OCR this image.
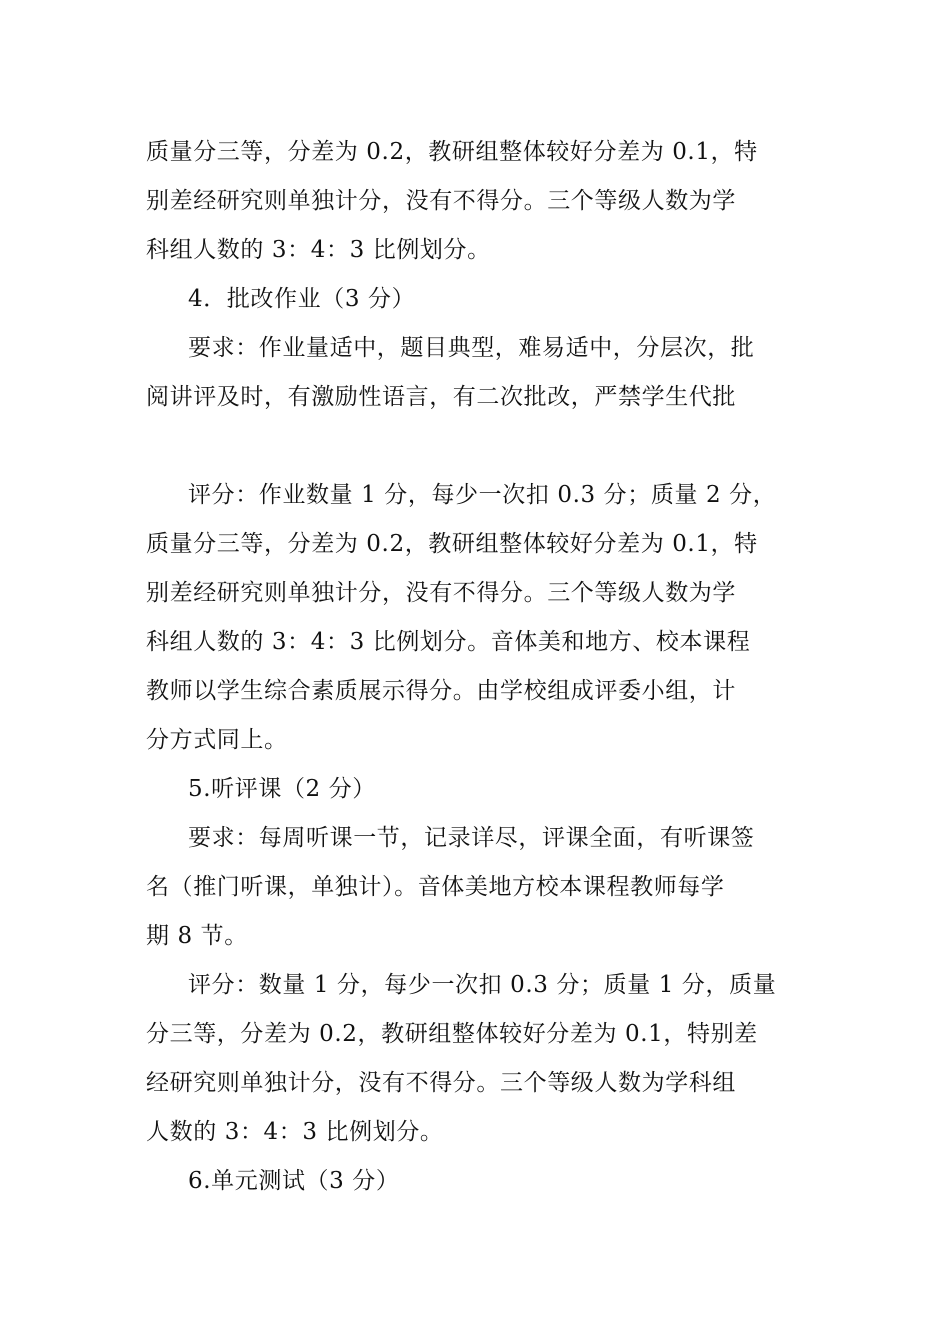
质量分三等，分差为 0.2，教研组整体较好分差为 0.1，特
别差经研究则单独计分，没有不得分。三个等级人数为学
科组人数的 3：4：3 比例划分。
4．批改作业（3 分）
要求：作业量适中，题目典型，难易适中，分层次，批
阅讲评及时，有激励性语言，有二次批改，严禁学生代批
评分：作业数量 1 分，每少一次扣 0.3 分；质量 2 分，
质量分三等，分差为 0.2，教研组整体较好分差为 0.1，特
别差经研究则单独计分，没有不得分。三个等级人数为学
科组人数的 3：4：3 比例划分。音体美和地方、校本课程
教师以学生综合素质展示得分。由学校组成评委小组，计
分方式同上。
5.听评课（2 分）
要求：每周听课一节，记录详尽，评课全面，有听课签
名（推门听课，单独计）。音体美地方校本课程教师每学
期 8 节。
评分：数量 1 分，每少一次扣 0.3 分；质量 1 分，质量
分三等，分差为 0.2，教研组整体较好分差为 0.1，特别差
经研究则单独计分，没有不得分。三个等级人数为学科组
人数的 3：4：3 比例划分。
6.单元测试（3 分）
